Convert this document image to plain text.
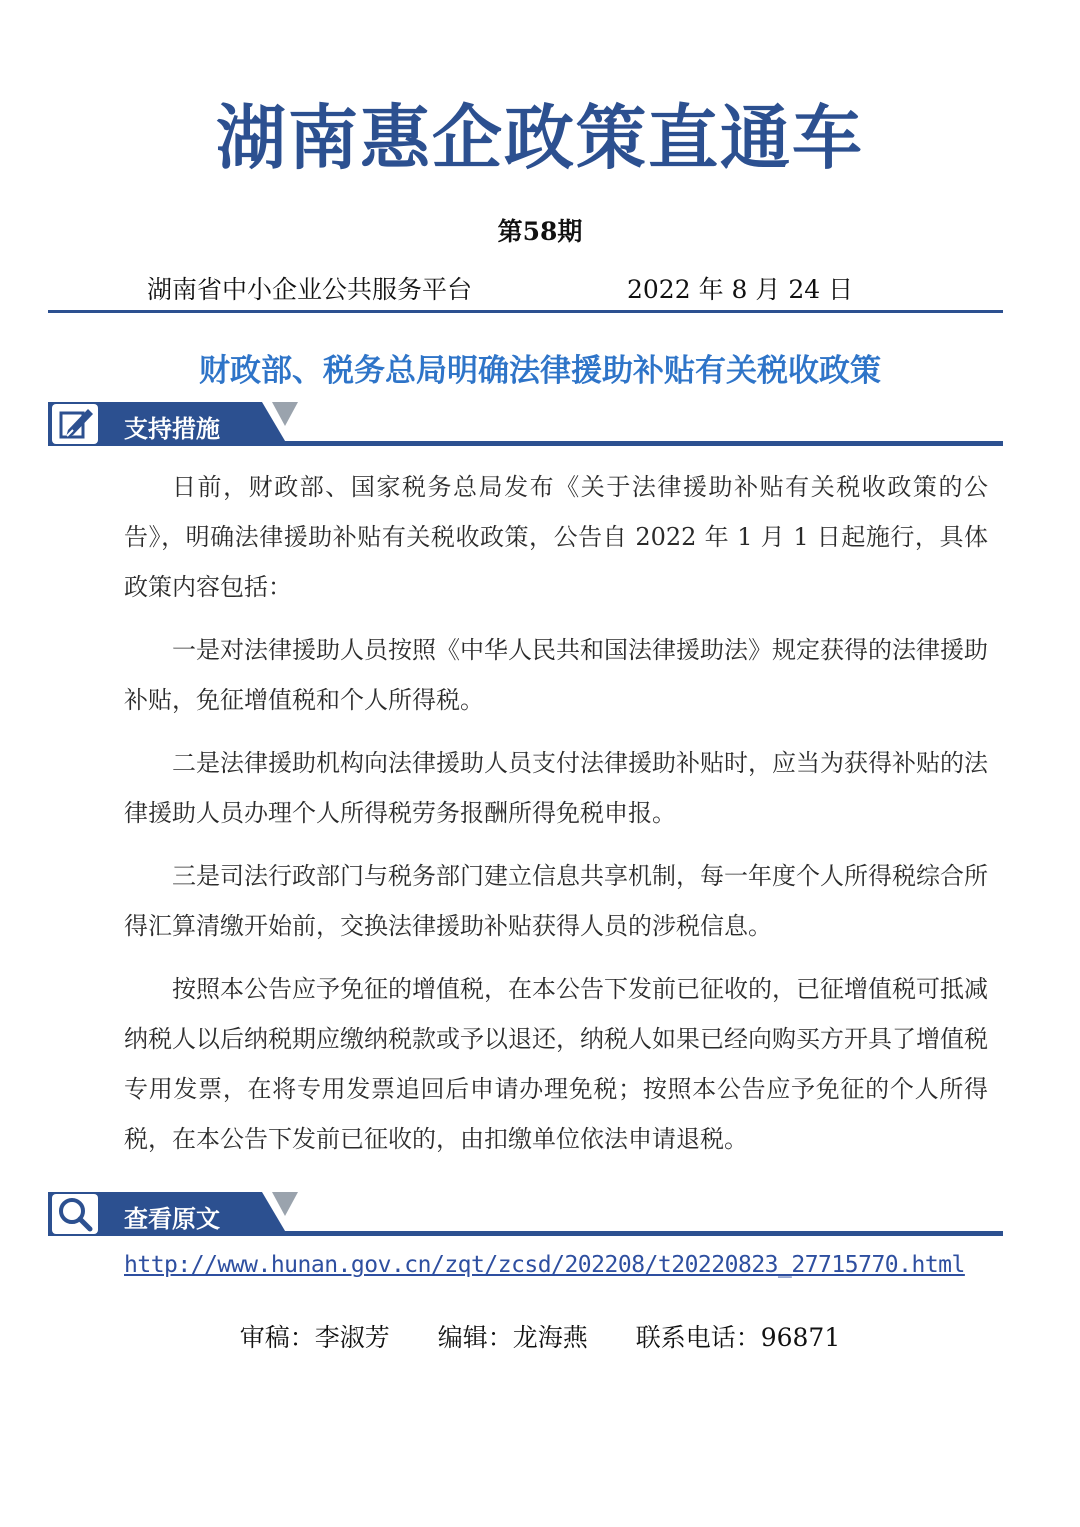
湖南惠企政策直通车
第58期
湖南省中小企业公共服务平台	2022 年 8 月 24 日
财政部、税务总局明确法律援助补贴有关税收政策
支持措施

日前，财政部、国家税务总局发布《关于法律援助补贴有关税收政策的公告》，明确法律援助补贴有关税收政策，公告自 2022 年 1 月 1 日起施行，具体政策内容包括：

一是对法律援助人员按照《中华人民共和国法律援助法》规定获得的法律援助补贴，免征增值税和个人所得税。

二是法律援助机构向法律援助人员支付法律援助补贴时，应当为获得补贴的法律援助人员办理个人所得税劳务报酬所得免税申报。

三是司法行政部门与税务部门建立信息共享机制，每一年度个人所得税综合所得汇算清缴开始前，交换法律援助补贴获得人员的涉税信息。

按照本公告应予免征的增值税，在本公告下发前已征收的，已征增值税可抵减纳税人以后纳税期应缴纳税款或予以退还，纳税人如果已经向购买方开具了增值税专用发票，在将专用发票追回后申请办理免税；按照本公告应予免征的个人所得税，在本公告下发前已征收的，由扣缴单位依法申请退税。

查看原文
http://www.hunan.gov.cn/zqt/zcsd/202208/t20220823_27715770.html
审稿：李淑芳 编辑：龙海燕 联系电话：96871
